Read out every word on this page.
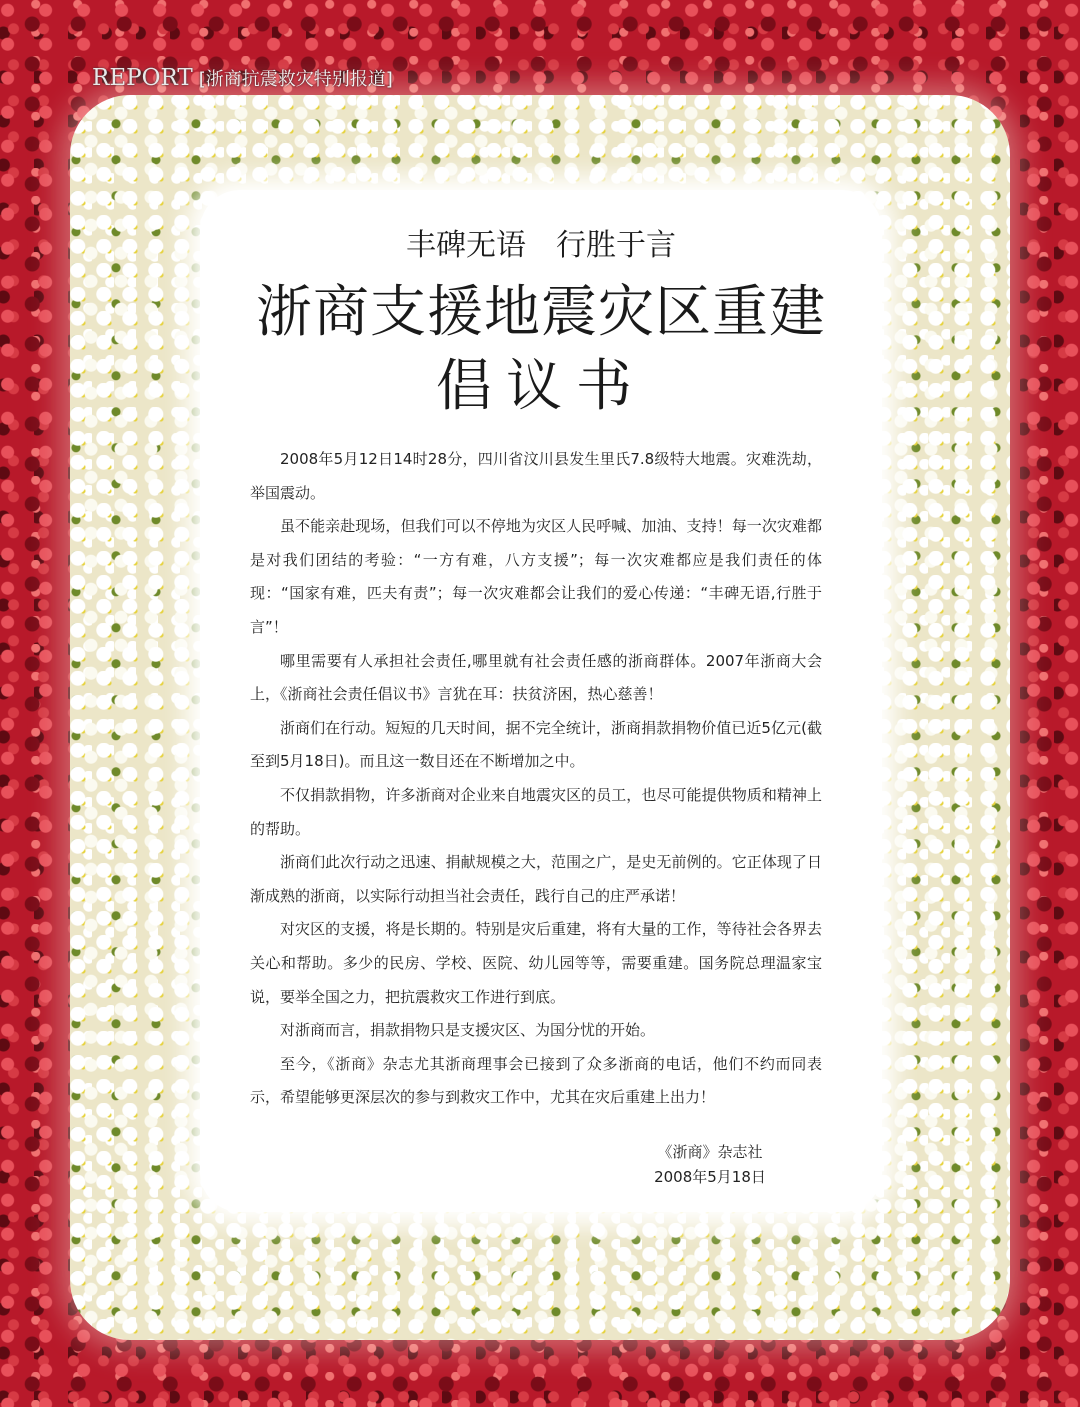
REPORT [浙商抗震救灾特别报道]
丰碑无语　行胜于言
浙商支援地震灾区重建
倡议书

2008年5月12日14时28分，四川省汶川县发生里氏7.8级特大地震。灾难洗劫，举国震动。

虽不能亲赴现场，但我们可以不停地为灾区人民呼喊、加油、支持！每一次灾难都是对我们团结的考验：“一方有难，八方支援”；每一次灾难都应是我们责任的体现：“国家有难，匹夫有责”；每一次灾难都会让我们的爱心传递：“丰碑无语,行胜于言”！

哪里需要有人承担社会责任,哪里就有社会责任感的浙商群体。2007年浙商大会上，《浙商社会责任倡议书》言犹在耳：扶贫济困，热心慈善！

浙商们在行动。短短的几天时间，据不完全统计，浙商捐款捐物价值已近5亿元(截至到5月18日)。而且这一数目还在不断增加之中。

不仅捐款捐物，许多浙商对企业来自地震灾区的员工，也尽可能提供物质和精神上的帮助。

浙商们此次行动之迅速、捐献规模之大，范围之广，是史无前例的。它正体现了日渐成熟的浙商，以实际行动担当社会责任，践行自己的庄严承诺！

对灾区的支援，将是长期的。特别是灾后重建，将有大量的工作，等待社会各界去关心和帮助。多少的民房、学校、医院、幼儿园等等，需要重建。国务院总理温家宝说，要举全国之力，把抗震救灾工作进行到底。

对浙商而言，捐款捐物只是支援灾区、为国分忧的开始。

至今，《浙商》杂志尤其浙商理事会已接到了众多浙商的电话，他们不约而同表示，希望能够更深层次的参与到救灾工作中，尤其在灾后重建上出力！

《浙商》杂志社
2008年5月18日
